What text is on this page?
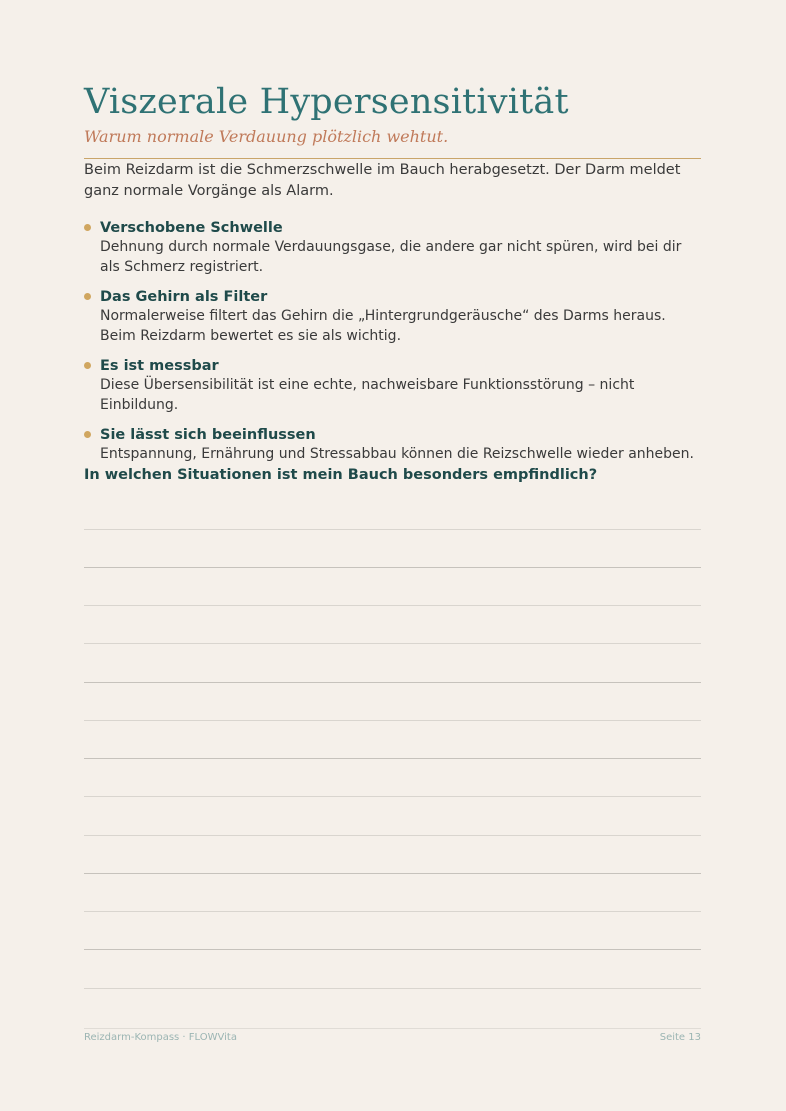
Viszerale Hypersensitivität
Warum normale Verdauung plötzlich wehtut.

Beim Reizdarm ist die Schmerzschwelle im Bauch herabgesetzt. Der Darm meldet ganz normale Vorgänge als Alarm.

Verschobene Schwelle
Dehnung durch normale Verdauungsgase, die andere gar nicht spüren, wird bei dir als Schmerz registriert.
Das Gehirn als Filter
Normalerweise filtert das Gehirn die „Hintergrundgeräusche“ des Darms heraus. Beim Reizdarm bewertet es sie als wichtig.
Es ist messbar
Diese Übersensibilität ist eine echte, nachweisbare Funktionsstörung – nicht Einbildung.
Sie lässt sich beeinflussen
Entspannung, Ernährung und Stressabbau können die Reizschwelle wieder anheben.
In welchen Situationen ist mein Bauch besonders empfindlich?
Reizdarm-Kompass · FLOWVita	Seite 13
